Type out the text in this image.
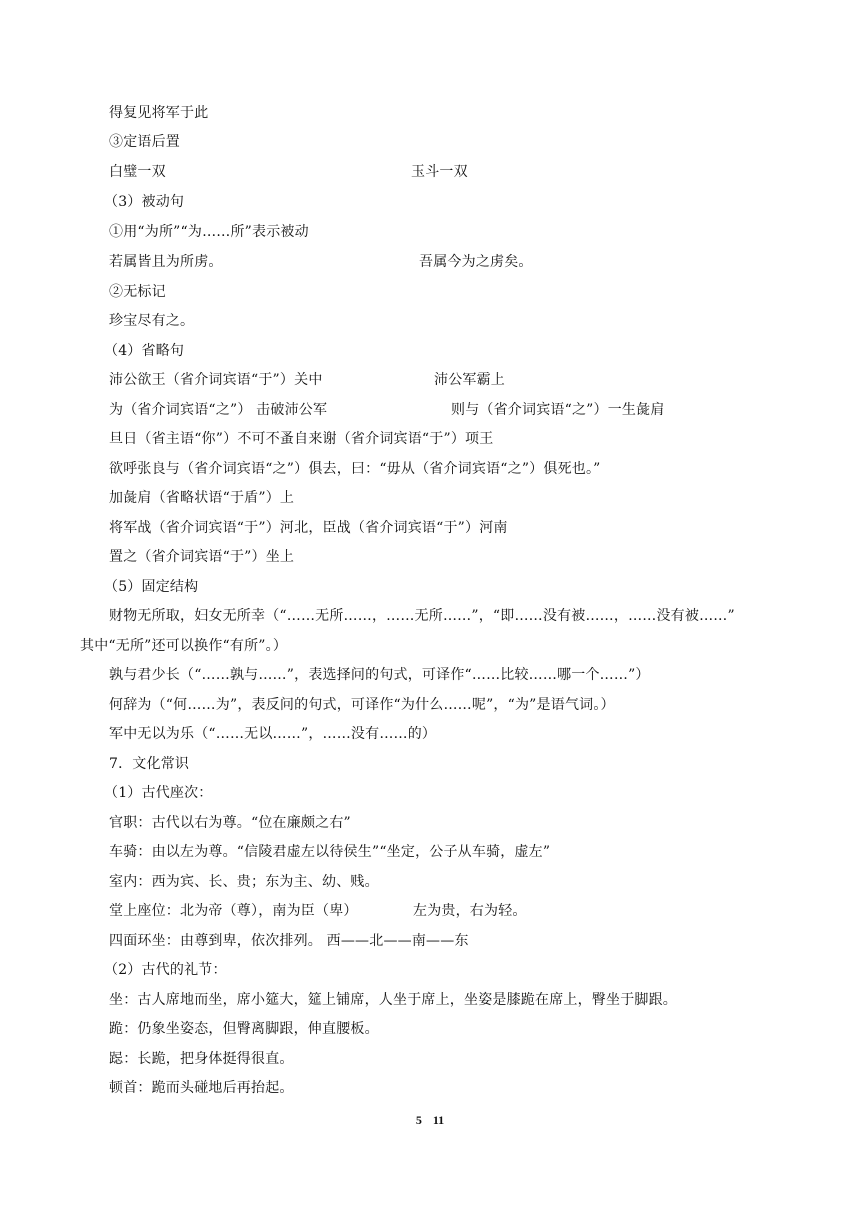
得复见将军于此
③定语后置
白璧一双	玉斗一双
（3）被动句
①用“为所”“为……所”表示被动
若属皆且为所虏。	吾属今为之虏矣。
②无标记
珍宝尽有之。
（4）省略句
沛公欲王（省介词宾语“于”）关中	沛公军霸上
为（省介词宾语“之”） 击破沛公军	则与（省介词宾语“之”）一生彘肩
旦日（省主语“你”）不可不蚤自来谢（省介词宾语“于”）项王
欲呼张良与（省介词宾语“之”）俱去，曰：“毋从（省介词宾语“之”）俱死也。”
加彘肩（省略状语“于盾”）上
将军战（省介词宾语“于”）河北，臣战（省介词宾语“于”）河南
置之（省介词宾语“于”）坐上
（5）固定结构
财物无所取，妇女无所幸（“……无所……，……无所……”，“即……没有被……，……没有被……”
其中“无所”还可以换作“有所”。）
孰与君少长（“……孰与……”，表选择问的句式，可译作“……比较……哪一个……”）
何辞为（“何……为”，表反问的句式，可译作“为什么……呢”，“为”是语气词。）
军中无以为乐（“……无以……”，……没有……的）
7．文化常识
（1）古代座次：
官职：古代以右为尊。“位在廉颇之右”
车骑：由以左为尊。“信陵君虚左以待侯生”“坐定，公子从车骑，虚左”
室内：西为宾、长、贵；东为主、幼、贱。
堂上座位：北为帝（尊），南为臣（卑）	左为贵，右为轻。
四面环坐：由尊到卑，依次排列。 西——北——南——东
（2）古代的礼节：
坐：古人席地而坐，席小筵大，筵上铺席，人坐于席上，坐姿是膝跪在席上，臀坐于脚跟。
跪：仍象坐姿态，但臀离脚跟，伸直腰板。
跽：长跪，把身体挺得很直。
顿首：跪而头碰地后再抬起。
5 11
